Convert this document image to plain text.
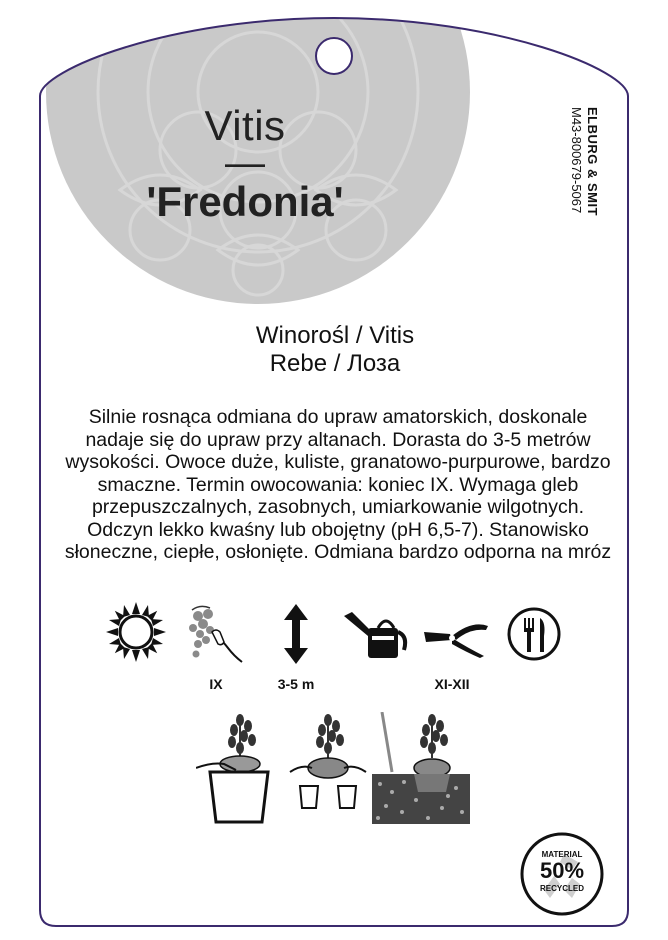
Vitis
—
'Fredonia'	ELBURG & SMIT
M43-800679-5067
Winorośl / Vitis
Rebe / Лоза
Silnie rosnąca odmiana do upraw amatorskich, doskonale nadaje się do upraw przy altanach. Dorasta do 3-5 metrów wysokości. Owoce duże, kuliste, granatowo-purpurowe, bardzo smaczne. Termin owocowania: koniec IX. Wymaga gleb przepuszczalnych, zasobnych, umiarkowanie wilgotnych. Odczyn lekko kwaśny lub obojętny (pH 6,5-7). Stanowisko słoneczne, ciepłe, osłonięte. Odmiana bardzo odporna na mróz
IX	3-5 m	XI-XII
MATERIAL
50%
RECYCLED
